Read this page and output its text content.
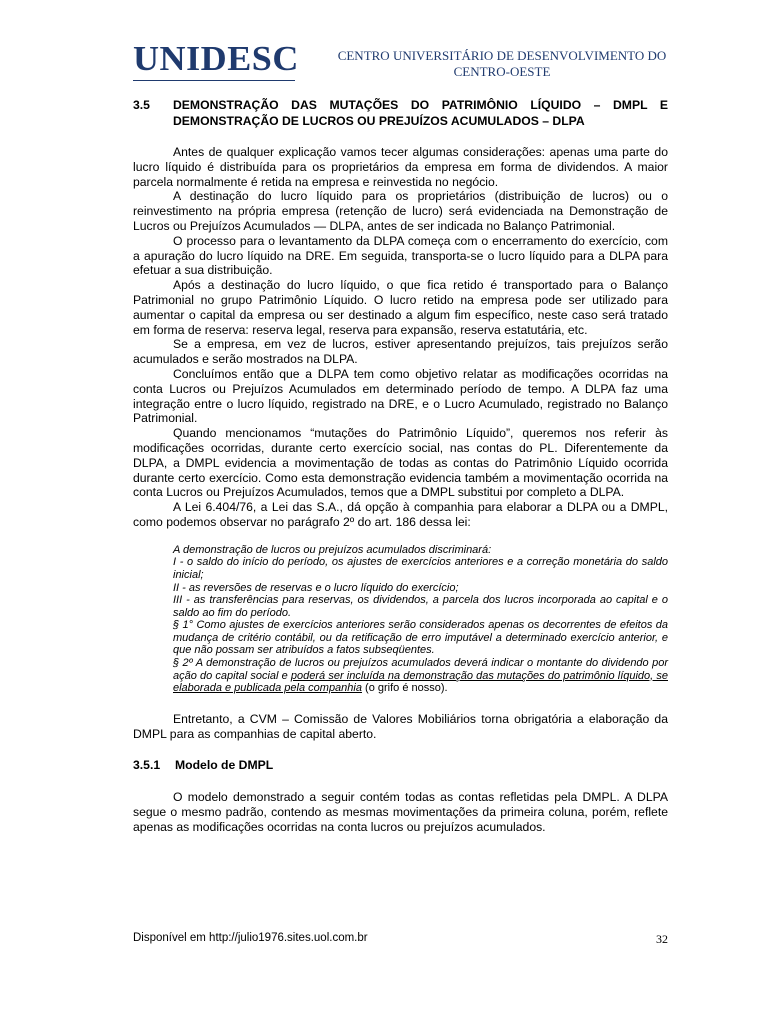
UNIDESC	CENTRO UNIVERSITÁRIO DE DESENVOLVIMENTO DO
CENTRO-OESTE
3.5	DEMONSTRAÇÃO DAS MUTAÇÕES DO PATRIMÔNIO LÍQUIDO – DMPL E DEMONSTRAÇÃO DE LUCROS OU PREJUÍZOS ACUMULADOS – DLPA

Antes de qualquer explicação vamos tecer algumas considerações: apenas uma parte do lucro líquido é distribuída para os proprietários da empresa em forma de dividendos. A maior parcela normalmente é retida na empresa e reinvestida no negócio.

A destinação do lucro líquido para os proprietários (distribuição de lucros) ou o reinvestimento na própria empresa (retenção de lucro) será evidenciada na Demonstração de Lucros ou Prejuízos Acumulados — DLPA, antes de ser indicada no Balanço Patrimonial.

O processo para o levantamento da DLPA começa com o encerramento do exercício, com a apuração do lucro líquido na DRE. Em seguida, transporta-se o lucro líquido para a DLPA para efetuar a sua distribuição.

Após a destinação do lucro líquido, o que fica retido é transportado para o Balanço Patrimonial no grupo Patrimônio Líquido. O lucro retido na empresa pode ser utilizado para aumentar o capital da empresa ou ser destinado a algum fim específico, neste caso será tratado em forma de reserva: reserva legal, reserva para expansão, reserva estatutária, etc.

Se a empresa, em vez de lucros, estiver apresentando prejuízos, tais prejuízos serão acumulados e serão mostrados na DLPA.

Concluímos então que a DLPA tem como objetivo relatar as modificações ocorridas na conta Lucros ou Prejuízos Acumulados em determinado período de tempo. A DLPA faz uma integração entre o lucro líquido, registrado na DRE, e o Lucro Acumulado, registrado no Balanço Patrimonial.

Quando mencionamos “mutações do Patrimônio Líquido”, queremos nos referir às modificações ocorridas, durante certo exercício social, nas contas do PL. Diferentemente da DLPA, a DMPL evidencia a movimentação de todas as contas do Patrimônio Líquido ocorrida durante certo exercício. Como esta demonstração evidencia também a movimentação ocorrida na conta Lucros ou Prejuízos Acumulados, temos que a DMPL substitui por completo a DLPA.

A Lei 6.404/76, a Lei das S.A., dá opção à companhia para elaborar a DLPA ou a DMPL, como podemos observar no parágrafo 2º do art. 186 dessa lei:

A demonstração de lucros ou prejuízos acumulados discriminará:
I - o saldo do início do período, os ajustes de exercícios anteriores e a correção monetária do saldo inicial;
II - as reversões de reservas e o lucro líquido do exercício;
III - as transferências para reservas, os dividendos, a parcela dos lucros incorporada ao capital e o saldo ao fim do período.
§ 1° Como ajustes de exercícios anteriores serão considerados apenas os decorrentes de efeitos da mudança de critério contábil, ou da retificação de erro imputável a determinado exercício anterior, e que não possam ser atribuídos a fatos subseqüentes.
§ 2º A demonstração de lucros ou prejuízos acumulados deverá indicar o montante do dividendo por ação do capital social e poderá ser incluída na demonstração das mutações do patrimônio líquido, se elaborada e publicada pela companhia (o grifo é nosso).

Entretanto, a CVM – Comissão de Valores Mobiliários torna obrigatória a elaboração da DMPL para as companhias de capital aberto.

3.5.1	Modelo de DMPL

O modelo demonstrado a seguir contém todas as contas refletidas pela DMPL. A DLPA segue o mesmo padrão, contendo as mesmas movimentações da primeira coluna, porém, reflete apenas as modificações ocorridas na conta lucros ou prejuízos acumulados.

Disponível em http://julio1976.sites.uol.com.br	32
